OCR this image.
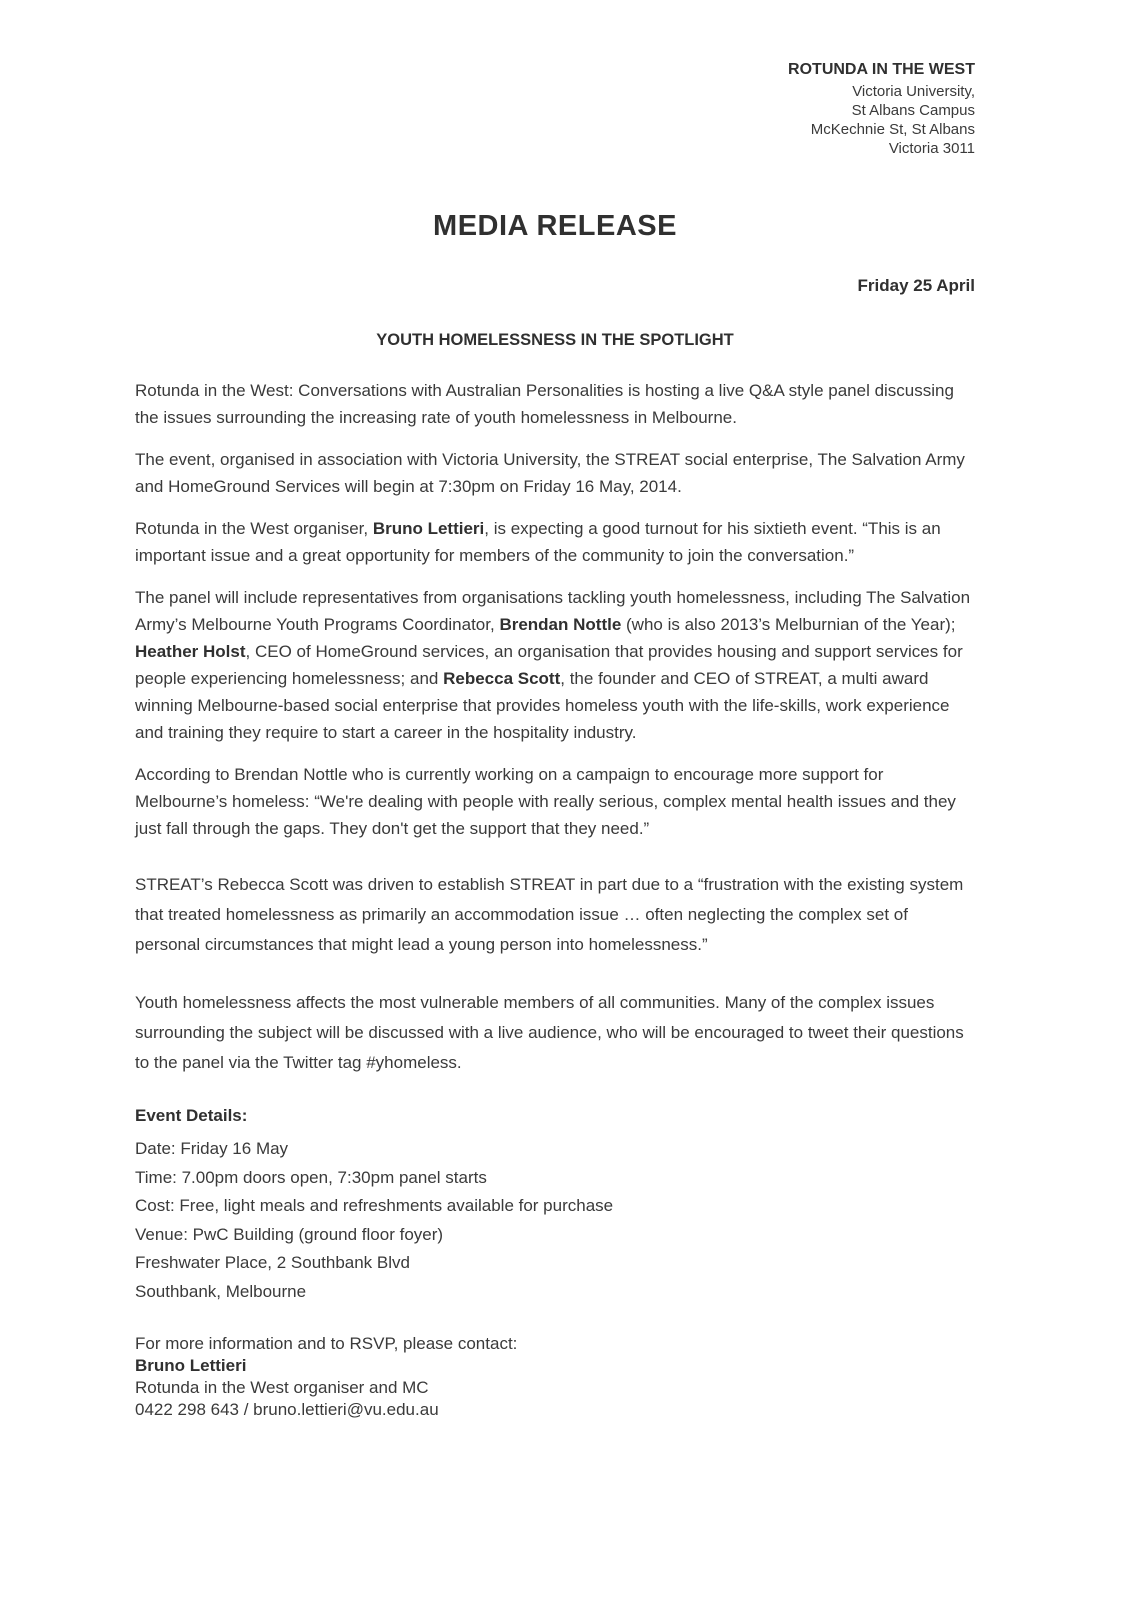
ROTUNDA IN THE WEST
Victoria University,
St Albans Campus
McKechnie St, St Albans
Victoria 3011
MEDIA RELEASE
Friday 25 April
YOUTH HOMELESSNESS IN THE SPOTLIGHT

Rotunda in the West: Conversations with Australian Personalities is hosting a live Q&A style panel discussing the issues surrounding the increasing rate of youth homelessness in Melbourne.

The event, organised in association with Victoria University, the STREAT social enterprise, The Salvation Army and HomeGround Services will begin at 7:30pm on Friday 16 May, 2014.

Rotunda in the West organiser, Bruno Lettieri, is expecting a good turnout for his sixtieth event. “This is an important issue and a great opportunity for members of the community to join the conversation.”

The panel will include representatives from organisations tackling youth homelessness, including The Salvation Army’s Melbourne Youth Programs Coordinator, Brendan Nottle (who is also 2013’s Melburnian of the Year); Heather Holst, CEO of HomeGround services, an organisation that provides housing and support services for people experiencing homelessness; and Rebecca Scott, the founder and CEO of STREAT, a multi award winning Melbourne-based social enterprise that provides homeless youth with the life-skills, work experience and training they require to start a career in the hospitality industry.

According to Brendan Nottle who is currently working on a campaign to encourage more support for Melbourne’s homeless: “We're dealing with people with really serious, complex mental health issues and they just fall through the gaps. They don't get the support that they need.”

STREAT’s Rebecca Scott was driven to establish STREAT in part due to a “frustration with the existing system that treated homelessness as primarily an accommodation issue … often neglecting the complex set of personal circumstances that might lead a young person into homelessness.”

Youth homelessness affects the most vulnerable members of all communities. Many of the complex issues surrounding the subject will be discussed with a live audience, who will be encouraged to tweet their questions to the panel via the Twitter tag #yhomeless.

Event Details:
Date: Friday 16 May
Time: 7.00pm doors open, 7:30pm panel starts
Cost: Free, light meals and refreshments available for purchase
Venue: PwC Building (ground floor foyer)
Freshwater Place, 2 Southbank Blvd
Southbank, Melbourne
For more information and to RSVP, please contact:
Bruno Lettieri
Rotunda in the West organiser and MC
0422 298 643 / bruno.lettieri@vu.edu.au
